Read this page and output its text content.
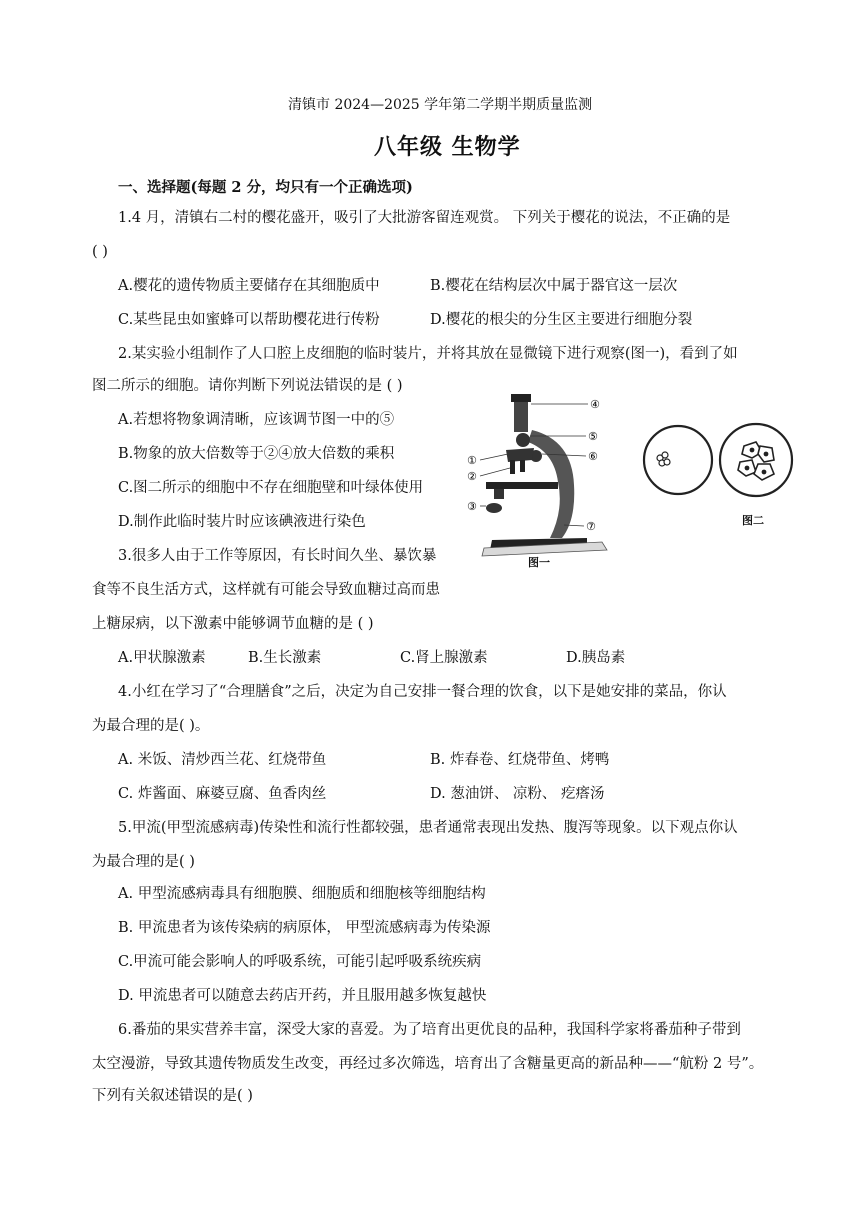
清镇市 2024—2025 学年第二学期半期质量监测
八年级 生物学
一、选择题(每题 2 分，均只有一个正确选项)
1.4 月，清镇右二村的樱花盛开，吸引了大批游客留连观赏。 下列关于樱花的说法，不正确的是
( )
A.樱花的遗传物质主要储存在其细胞质中	B.樱花在结构层次中属于器官这一层次
C.某些昆虫如蜜蜂可以帮助樱花进行传粉	D.樱花的根尖的分生区主要进行细胞分裂
2.某实验小组制作了人口腔上皮细胞的临时装片，并将其放在显微镜下进行观察(图一)，看到了如
图二所示的细胞。请你判断下列说法错误的是 ( )
A.若想将物象调清晰，应该调节图一中的⑤
B.物象的放大倍数等于②④放大倍数的乘积
C.图二所示的细胞中不存在细胞壁和叶绿体使用
D.制作此临时装片时应该碘液进行染色
④
⑤
⑥
①
②
③
⑦
图一
图二
3.很多人由于工作等原因，有长时间久坐、暴饮暴
食等不良生活方式，这样就有可能会导致血糖过高而患
上糖尿病，以下激素中能够调节血糖的是 ( )
A.甲状腺激素	B.生长激素	C.肾上腺激素	D.胰岛素
4.小红在学习了“合理膳食”之后，决定为自己安排一餐合理的饮食，以下是她安排的菜品，你认
为最合理的是( )。
A. 米饭、清炒西兰花、红烧带鱼	B. 炸春卷、红烧带鱼、烤鸭
C. 炸酱面、麻婆豆腐、鱼香肉丝	D. 葱油饼、 凉粉、 疙瘩汤
5.甲流(甲型流感病毒)传染性和流行性都较强，患者通常表现出发热、腹泻等现象。以下观点你认
为最合理的是( )
A. 甲型流感病毒具有细胞膜、细胞质和细胞核等细胞结构
B. 甲流患者为该传染病的病原体， 甲型流感病毒为传染源
C.甲流可能会影响人的呼吸系统，可能引起呼吸系统疾病
D. 甲流患者可以随意去药店开药，并且服用越多恢复越快
6.番茄的果实营养丰富，深受大家的喜爱。为了培育出更优良的品种，我国科学家将番茄种子带到
太空漫游，导致其遗传物质发生改变，再经过多次筛选，培育出了含糖量更高的新品种——“航粉 2 号”。
下列有关叙述错误的是( )
